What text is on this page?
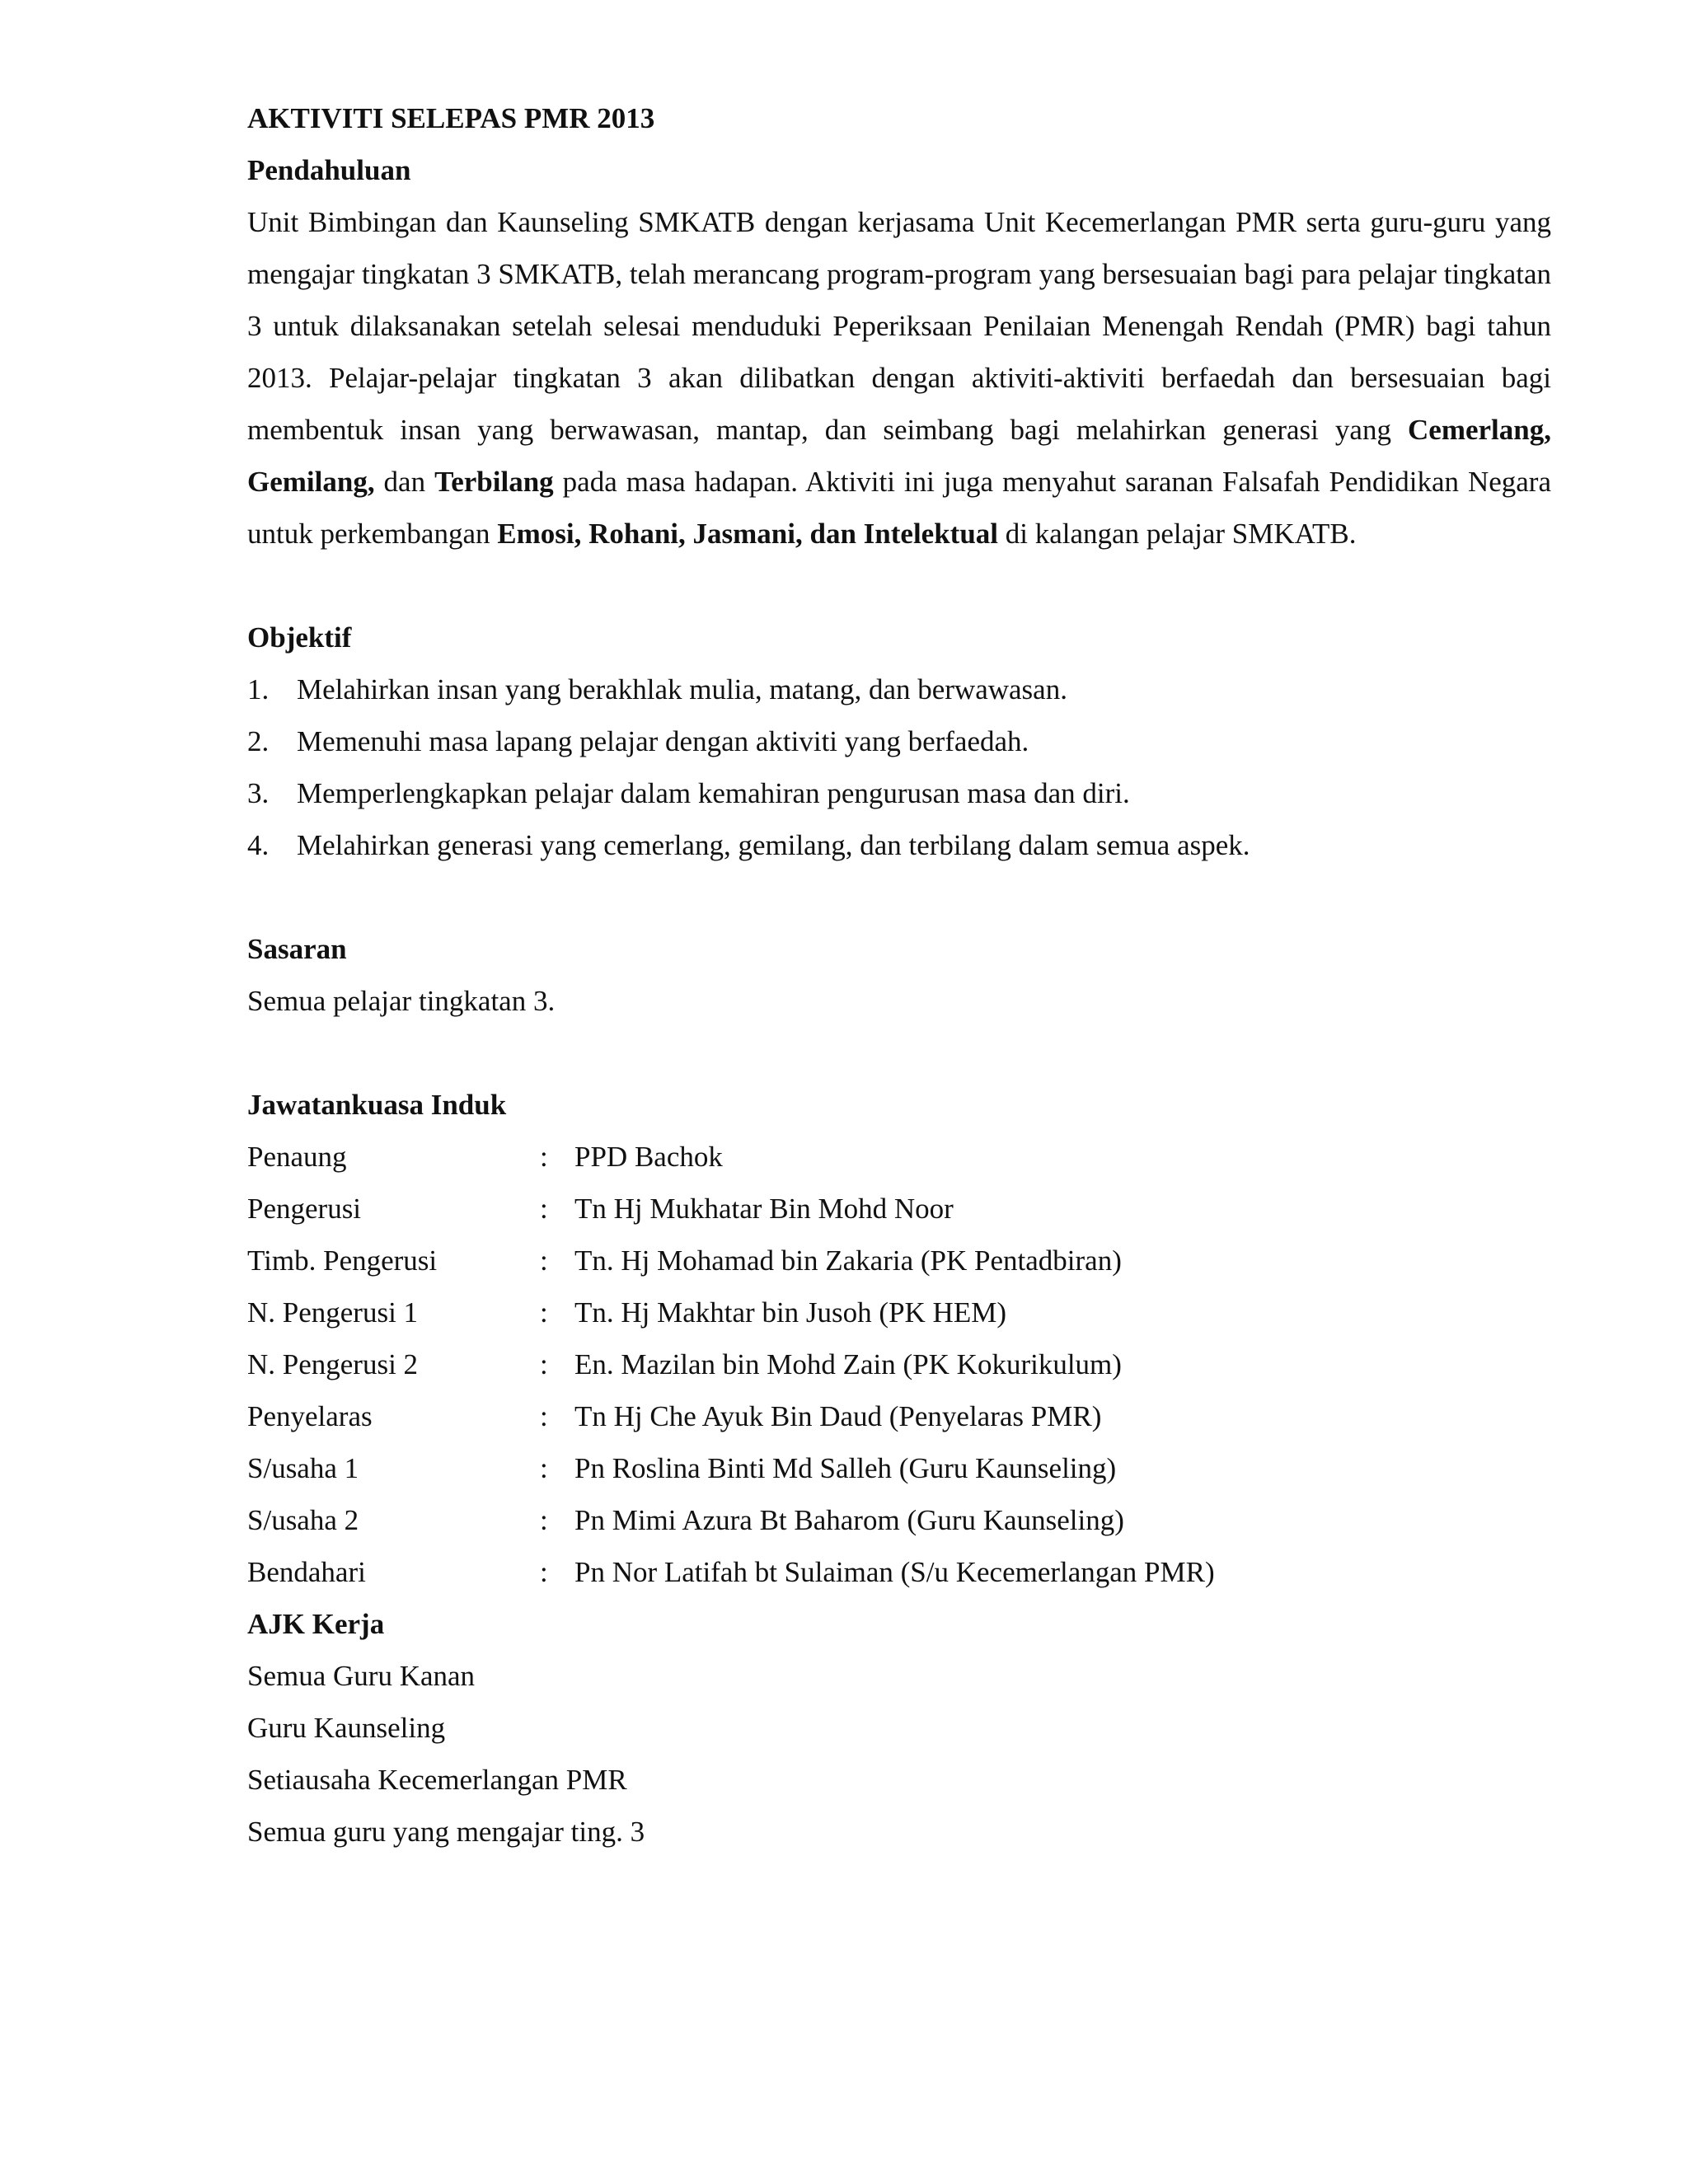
AKTIVITI SELEPAS PMR 2013

Pendahuluan

Unit Bimbingan dan Kaunseling SMKATB dengan kerjasama Unit Kecemerlangan PMR serta guru-guru yang mengajar tingkatan 3 SMKATB, telah merancang program-program yang bersesuaian bagi para pelajar tingkatan 3 untuk dilaksanakan setelah selesai menduduki Peperiksaan Penilaian Menengah Rendah (PMR) bagi tahun 2013. Pelajar-pelajar tingkatan 3 akan dilibatkan dengan aktiviti-aktiviti berfaedah dan bersesuaian bagi membentuk insan yang berwawasan, mantap, dan seimbang bagi melahirkan generasi yang Cemerlang, Gemilang, dan Terbilang pada masa hadapan. Aktiviti ini juga menyahut saranan Falsafah Pendidikan Negara untuk perkembangan Emosi, Rohani, Jasmani, dan Intelektual di kalangan pelajar SMKATB.

Objektif

1. Melahirkan insan yang berakhlak mulia, matang, dan berwawasan.
2. Memenuhi masa lapang pelajar dengan aktiviti yang berfaedah.
3. Memperlengkapkan pelajar dalam kemahiran pengurusan masa dan diri.
4. Melahirkan generasi yang cemerlang, gemilang, dan terbilang dalam semua aspek.

Sasaran

Semua pelajar tingkatan 3.

Jawatankuasa Induk

Penaung	: PPD Bachok
Pengerusi	: Tn Hj Mukhatar Bin Mohd Noor
Timb. Pengerusi	: Tn. Hj Mohamad bin Zakaria (PK Pentadbiran)
N. Pengerusi 1	: Tn. Hj Makhtar bin Jusoh (PK HEM)
N. Pengerusi 2	: En. Mazilan bin Mohd Zain (PK Kokurikulum)
Penyelaras	: Tn Hj Che Ayuk Bin Daud (Penyelaras PMR)
S/usaha 1	: Pn Roslina Binti Md Salleh (Guru Kaunseling)
S/usaha 2	: Pn Mimi Azura Bt Baharom (Guru Kaunseling)
Bendahari	: Pn Nor Latifah bt Sulaiman (S/u Kecemerlangan PMR)

AJK Kerja

Semua Guru Kanan

Guru Kaunseling

Setiausaha Kecemerlangan PMR

Semua guru yang mengajar ting. 3
